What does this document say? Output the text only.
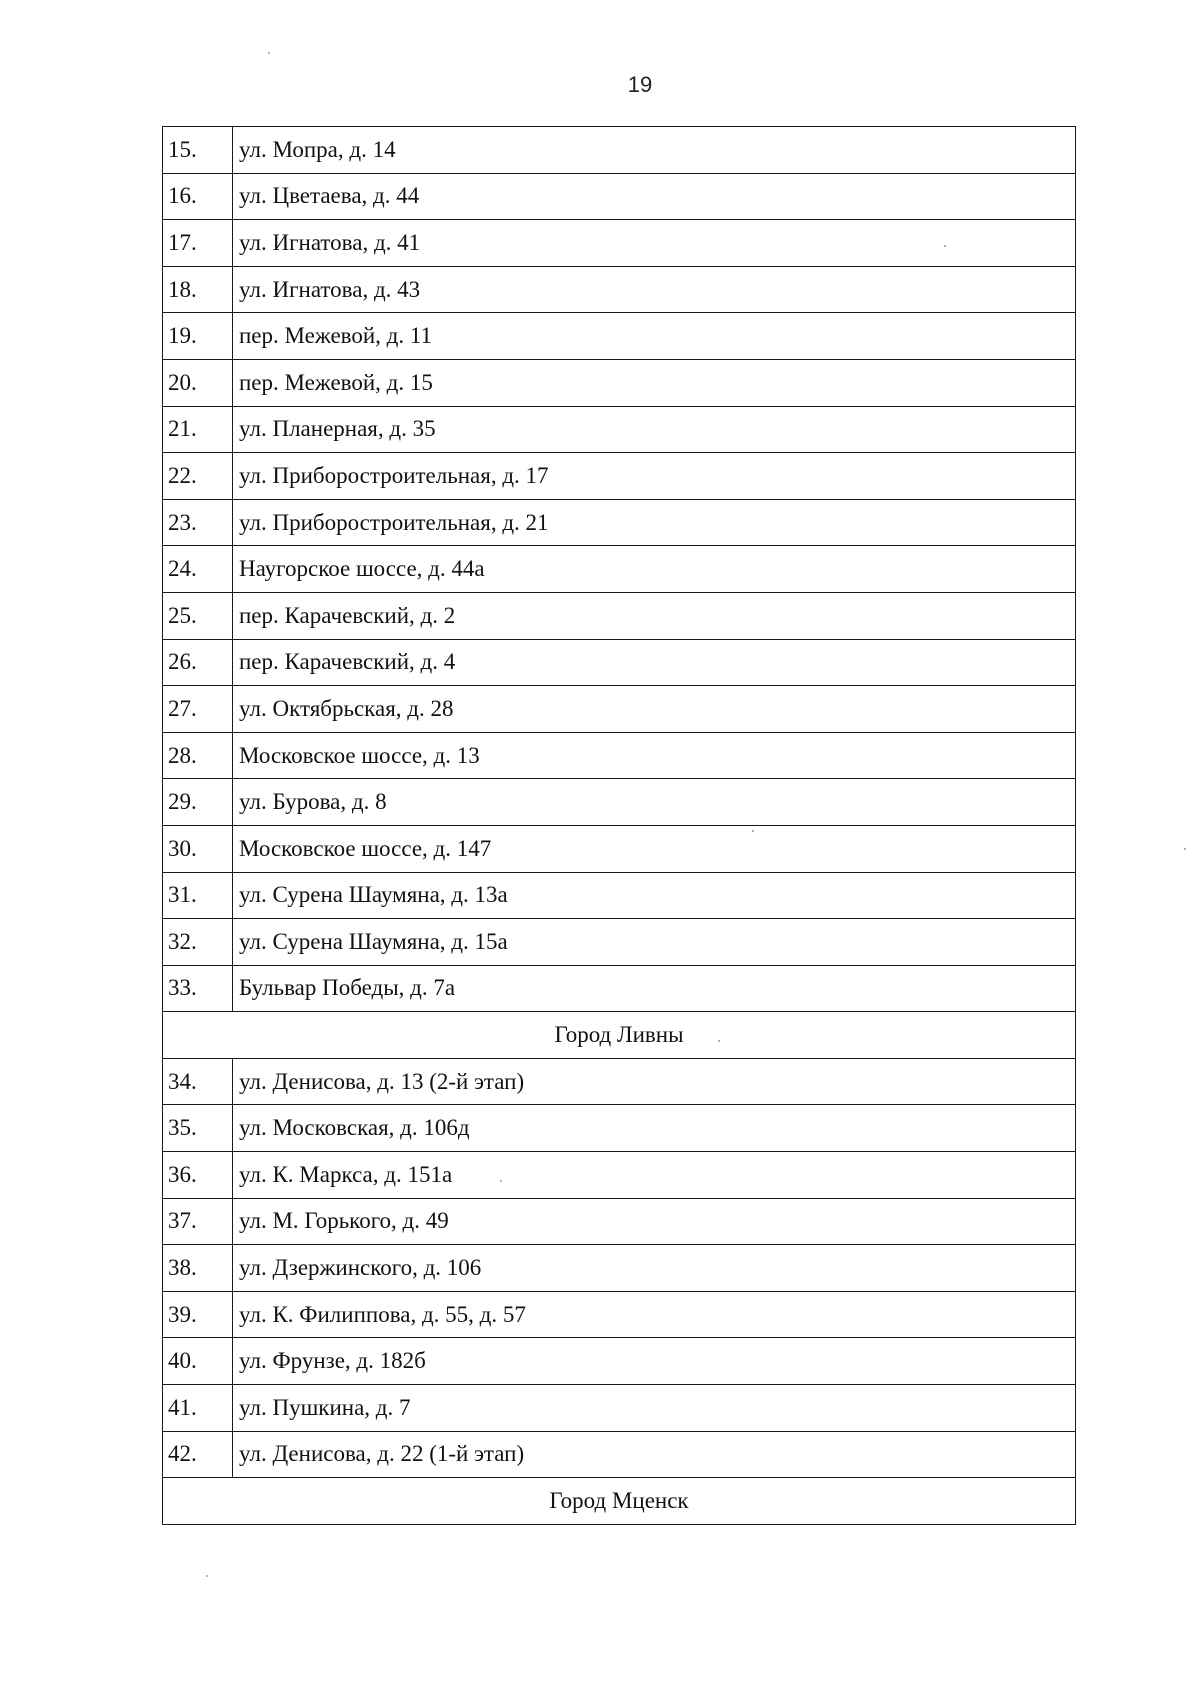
19
15.	ул. Мопра, д. 14
16.	ул. Цветаева, д. 44
17.	ул. Игнатова, д. 41
18.	ул. Игнатова, д. 43
19.	пер. Межевой, д. 11
20.	пер. Межевой, д. 15
21.	ул. Планерная, д. 35
22.	ул. Приборостроительная, д. 17
23.	ул. Приборостроительная, д. 21
24.	Наугорское шоссе, д. 44а
25.	пер. Карачевский, д. 2
26.	пер. Карачевский, д. 4
27.	ул. Октябрьская, д. 28
28.	Московское шоссе, д. 13
29.	ул. Бурова, д. 8
30.	Московское шоссе, д. 147
31.	ул. Сурена Шаумяна, д. 13а
32.	ул. Сурена Шаумяна, д. 15а
33.	Бульвар Победы, д. 7а
Город Ливны	
34.	ул. Денисова, д. 13 (2-й этап)
35.	ул. Московская, д. 106д
36.	ул. К. Маркса, д. 151а
37.	ул. М. Горького, д. 49
38.	ул. Дзержинского, д. 106
39.	ул. К. Филиппова, д. 55, д. 57
40.	ул. Фрунзе, д. 182б
41.	ул. Пушкина, д. 7
42.	ул. Денисова, д. 22 (1-й этап)
Город Мценск	
